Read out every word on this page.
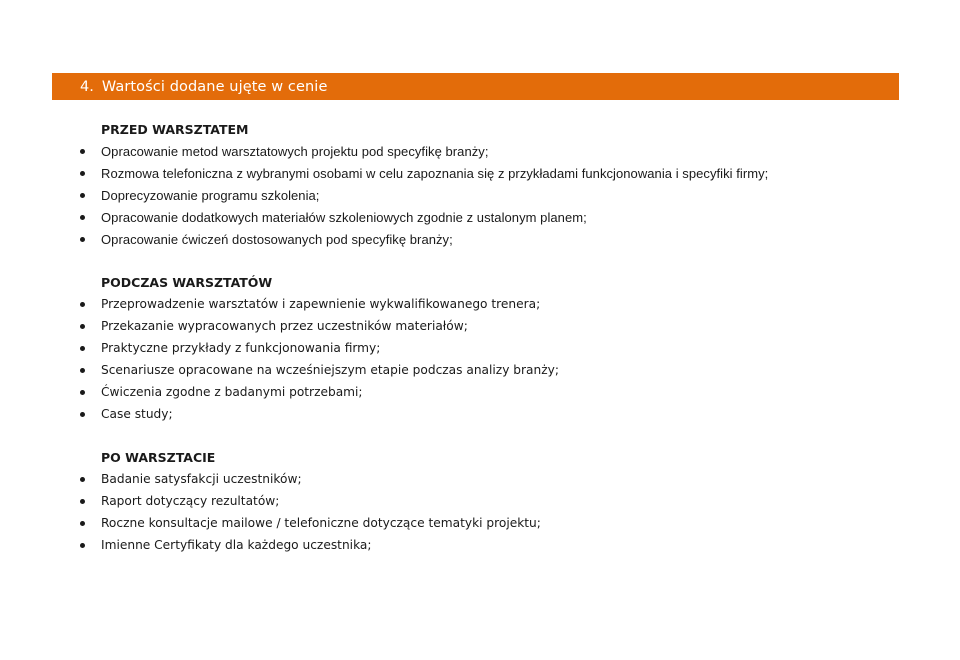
4. Wartości dodane ujęte w cenie
PRZED WARSZTATEM
Opracowanie metod warsztatowych projektu pod specyfikę branży;
Rozmowa telefoniczna z wybranymi osobami w celu zapoznania się z przykładami funkcjonowania i specyfiki firmy;
Doprecyzowanie programu szkolenia;
Opracowanie dodatkowych materiałów szkoleniowych zgodnie z ustalonym planem;
Opracowanie ćwiczeń dostosowanych pod specyfikę branży;
PODCZAS WARSZTATÓW
Przeprowadzenie warsztatów i zapewnienie wykwalifikowanego trenera;
Przekazanie wypracowanych przez uczestników materiałów;
Praktyczne przykłady z funkcjonowania firmy;
Scenariusze opracowane na wcześniejszym etapie podczas analizy branży;
Ćwiczenia zgodne z badanymi potrzebami;
Case study;
PO WARSZTACIE
Badanie satysfakcji uczestników;
Raport dotyczący rezultatów;
Roczne konsultacje mailowe / telefoniczne dotyczące tematyki projektu;
Imienne Certyfikaty dla każdego uczestnika;
